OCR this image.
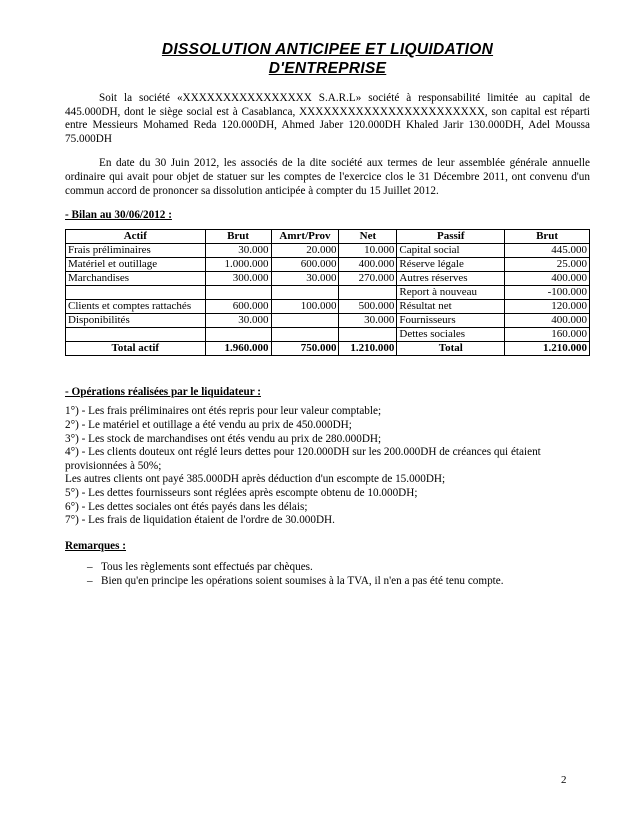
DISSOLUTION ANTICIPEE ET LIQUIDATION
D'ENTREPRISE

Soit la société «XXXXXXXXXXXXXXXX S.A.R.L» société à responsabilité limitée au capital de 445.000DH, dont le siège social est à Casablanca, XXXXXXXXXXXXXXXXXXXXXXX, son capital est réparti entre Messieurs Mohamed Reda 120.000DH, Ahmed Jaber 120.000DH Khaled Jarir 130.000DH, Adel Moussa 75.000DH

En date du 30 Juin 2012, les associés de la dite société aux termes de leur assemblée générale annuelle ordinaire qui avait pour objet de statuer sur les comptes de l'exercice clos le 31 Décembre 2011, ont convenu d'un commun accord de prononcer sa dissolution anticipée à compter du 15 Juillet 2012.

- Bilan au 30/06/2012 :
Actif	Brut	Amrt/Prov	Net	Passif	Brut
Frais préliminaires	30.000	20.000	10.000	Capital social	445.000
Matériel et outillage	1.000.000	600.000	400.000	Réserve légale	25.000
Marchandises	300.000	30.000	270.000	Autres réserves	400.000
				Report à nouveau	-100.000
Clients et comptes rattachés	600.000	100.000	500.000	Résultat net	120.000
Disponibilités	30.000		30.000	Fournisseurs	400.000
				Dettes sociales	160.000
Total actif	1.960.000	750.000	1.210.000	Total	1.210.000
- Opérations réalisées par le liquidateur :
1°) - Les frais préliminaires ont étés repris pour leur valeur comptable;
2°) - Le matériel et outillage a été vendu au prix de 450.000DH;
3°) - Les stock de marchandises ont étés vendu au prix de 280.000DH;
4°) - Les clients douteux ont réglé leurs dettes pour 120.000DH sur les 200.000DH de créances qui étaient provisionnées à 50%;
Les autres clients ont payé 385.000DH après déduction d'un escompte de 15.000DH;
5°) - Les dettes fournisseurs sont réglées après escompte obtenu de 10.000DH;
6°) - Les dettes sociales ont étés payés dans les délais;
7°) - Les frais de liquidation étaient de l'ordre de 30.000DH.
Remarques :
– Tous les règlements sont effectués par chèques.
– Bien qu'en principe les opérations soient soumises à la TVA, il n'en a pas été tenu compte.
2
